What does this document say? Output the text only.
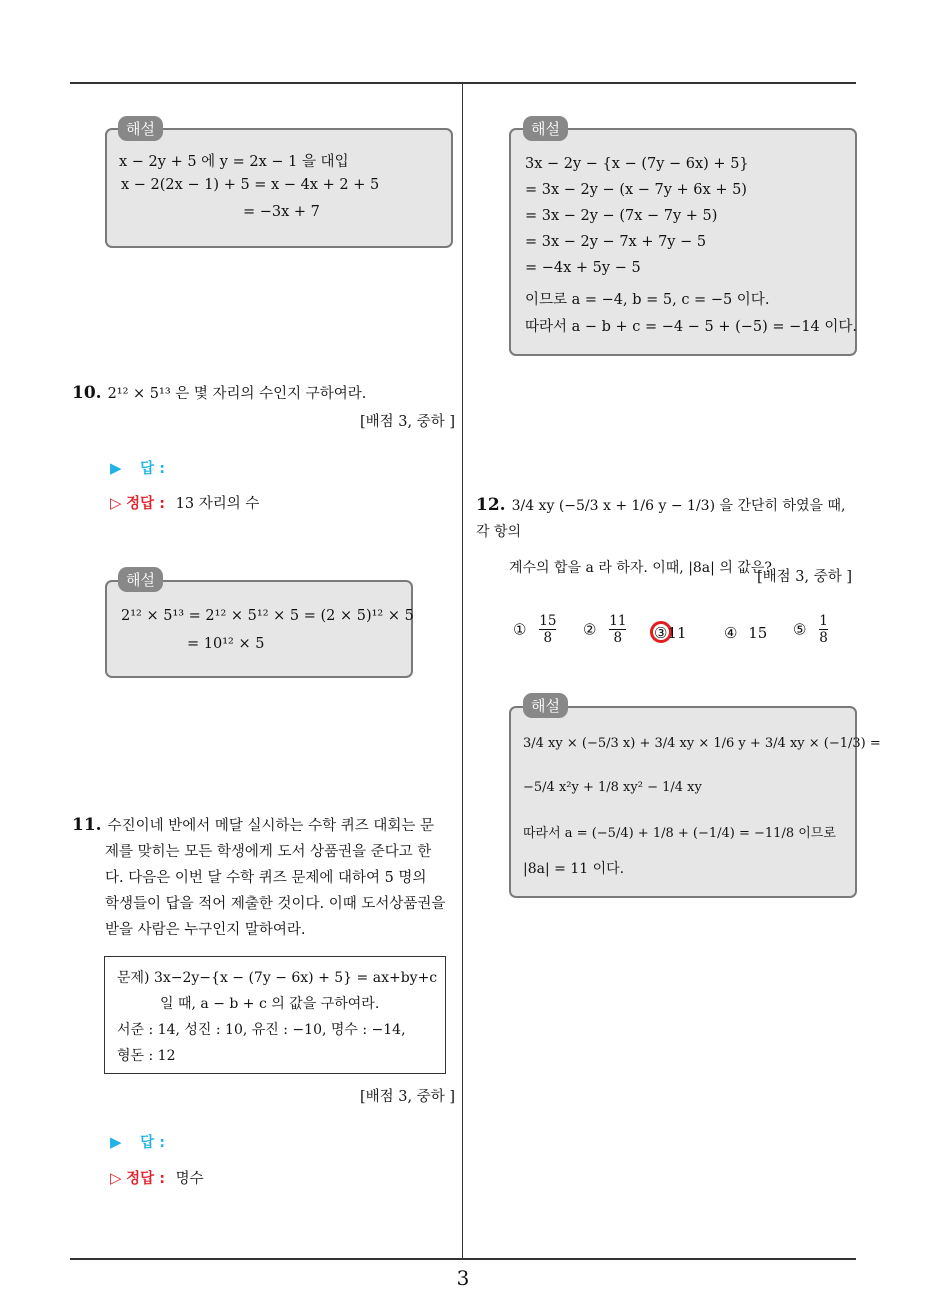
3
x − 2y + 5 에 y = 2x − 1 을 대입
x − 2(2x − 1) + 5 = x − 4x + 2 + 5
= −3x + 7
해설
10. 2¹² × 5¹³ 은 몇 자리의 수인지 구하여라.
[배점 3, 중하 ]
▶ 답 :
▷ 정답 : 13 자리의 수
2¹² × 5¹³ = 2¹² × 5¹² × 5 = (2 × 5)¹² × 5
= 10¹² × 5
해설
11. 수진이네 반에서 메달 실시하는 수학 퀴즈 대회는 문
제를 맞히는 모든 학생에게 도서 상품권을 준다고 한
다. 다음은 이번 달 수학 퀴즈 문제에 대하여 5 명의
학생들이 답을 적어 제출한 것이다. 이때 도서상품권을
받을 사람은 누구인지 말하여라.
문제) 3x−2y−{x − (7y − 6x) + 5} = ax+by+c
일 때, a − b + c 의 값을 구하여라.
서준 : 14, 성진 : 10, 유진 : −10, 명수 : −14,
형돈 : 12
[배점 3, 중하 ]
▶ 답 :
▷ 정답 : 명수
3x − 2y − {x − (7y − 6x) + 5}
= 3x − 2y − (x − 7y + 6x + 5)
= 3x − 2y − (7x − 7y + 5)
= 3x − 2y − 7x + 7y − 5
= −4x + 5y − 5
이므로 a = −4, b = 5, c = −5 이다.
따라서 a − b + c = −4 − 5 + (−5) = −14 이다.
해설
12. 3/4 xy (−5/3 x + 1/6 y − 1/3) 을 간단히 하였을 때, 각 항의
계수의 합을 a 라 하자. 이때, |8a| 의 값은?
[배점 3, 중하 ]
① $\frac{15}{8}$ ② $\frac{11}{8}$ ③11 ④ 15 ⑤ $\frac{1}{8}$
3/4 xy × (−5/3 x) + 3/4 xy × 1/6 y + 3/4 xy × (−1/3) =
−5/4 x²y + 1/8 xy² − 1/4 xy
따라서 a = (−5/4) + 1/8 + (−1/4) = −11/8 이므로
|8a| = 11 이다.
해설
